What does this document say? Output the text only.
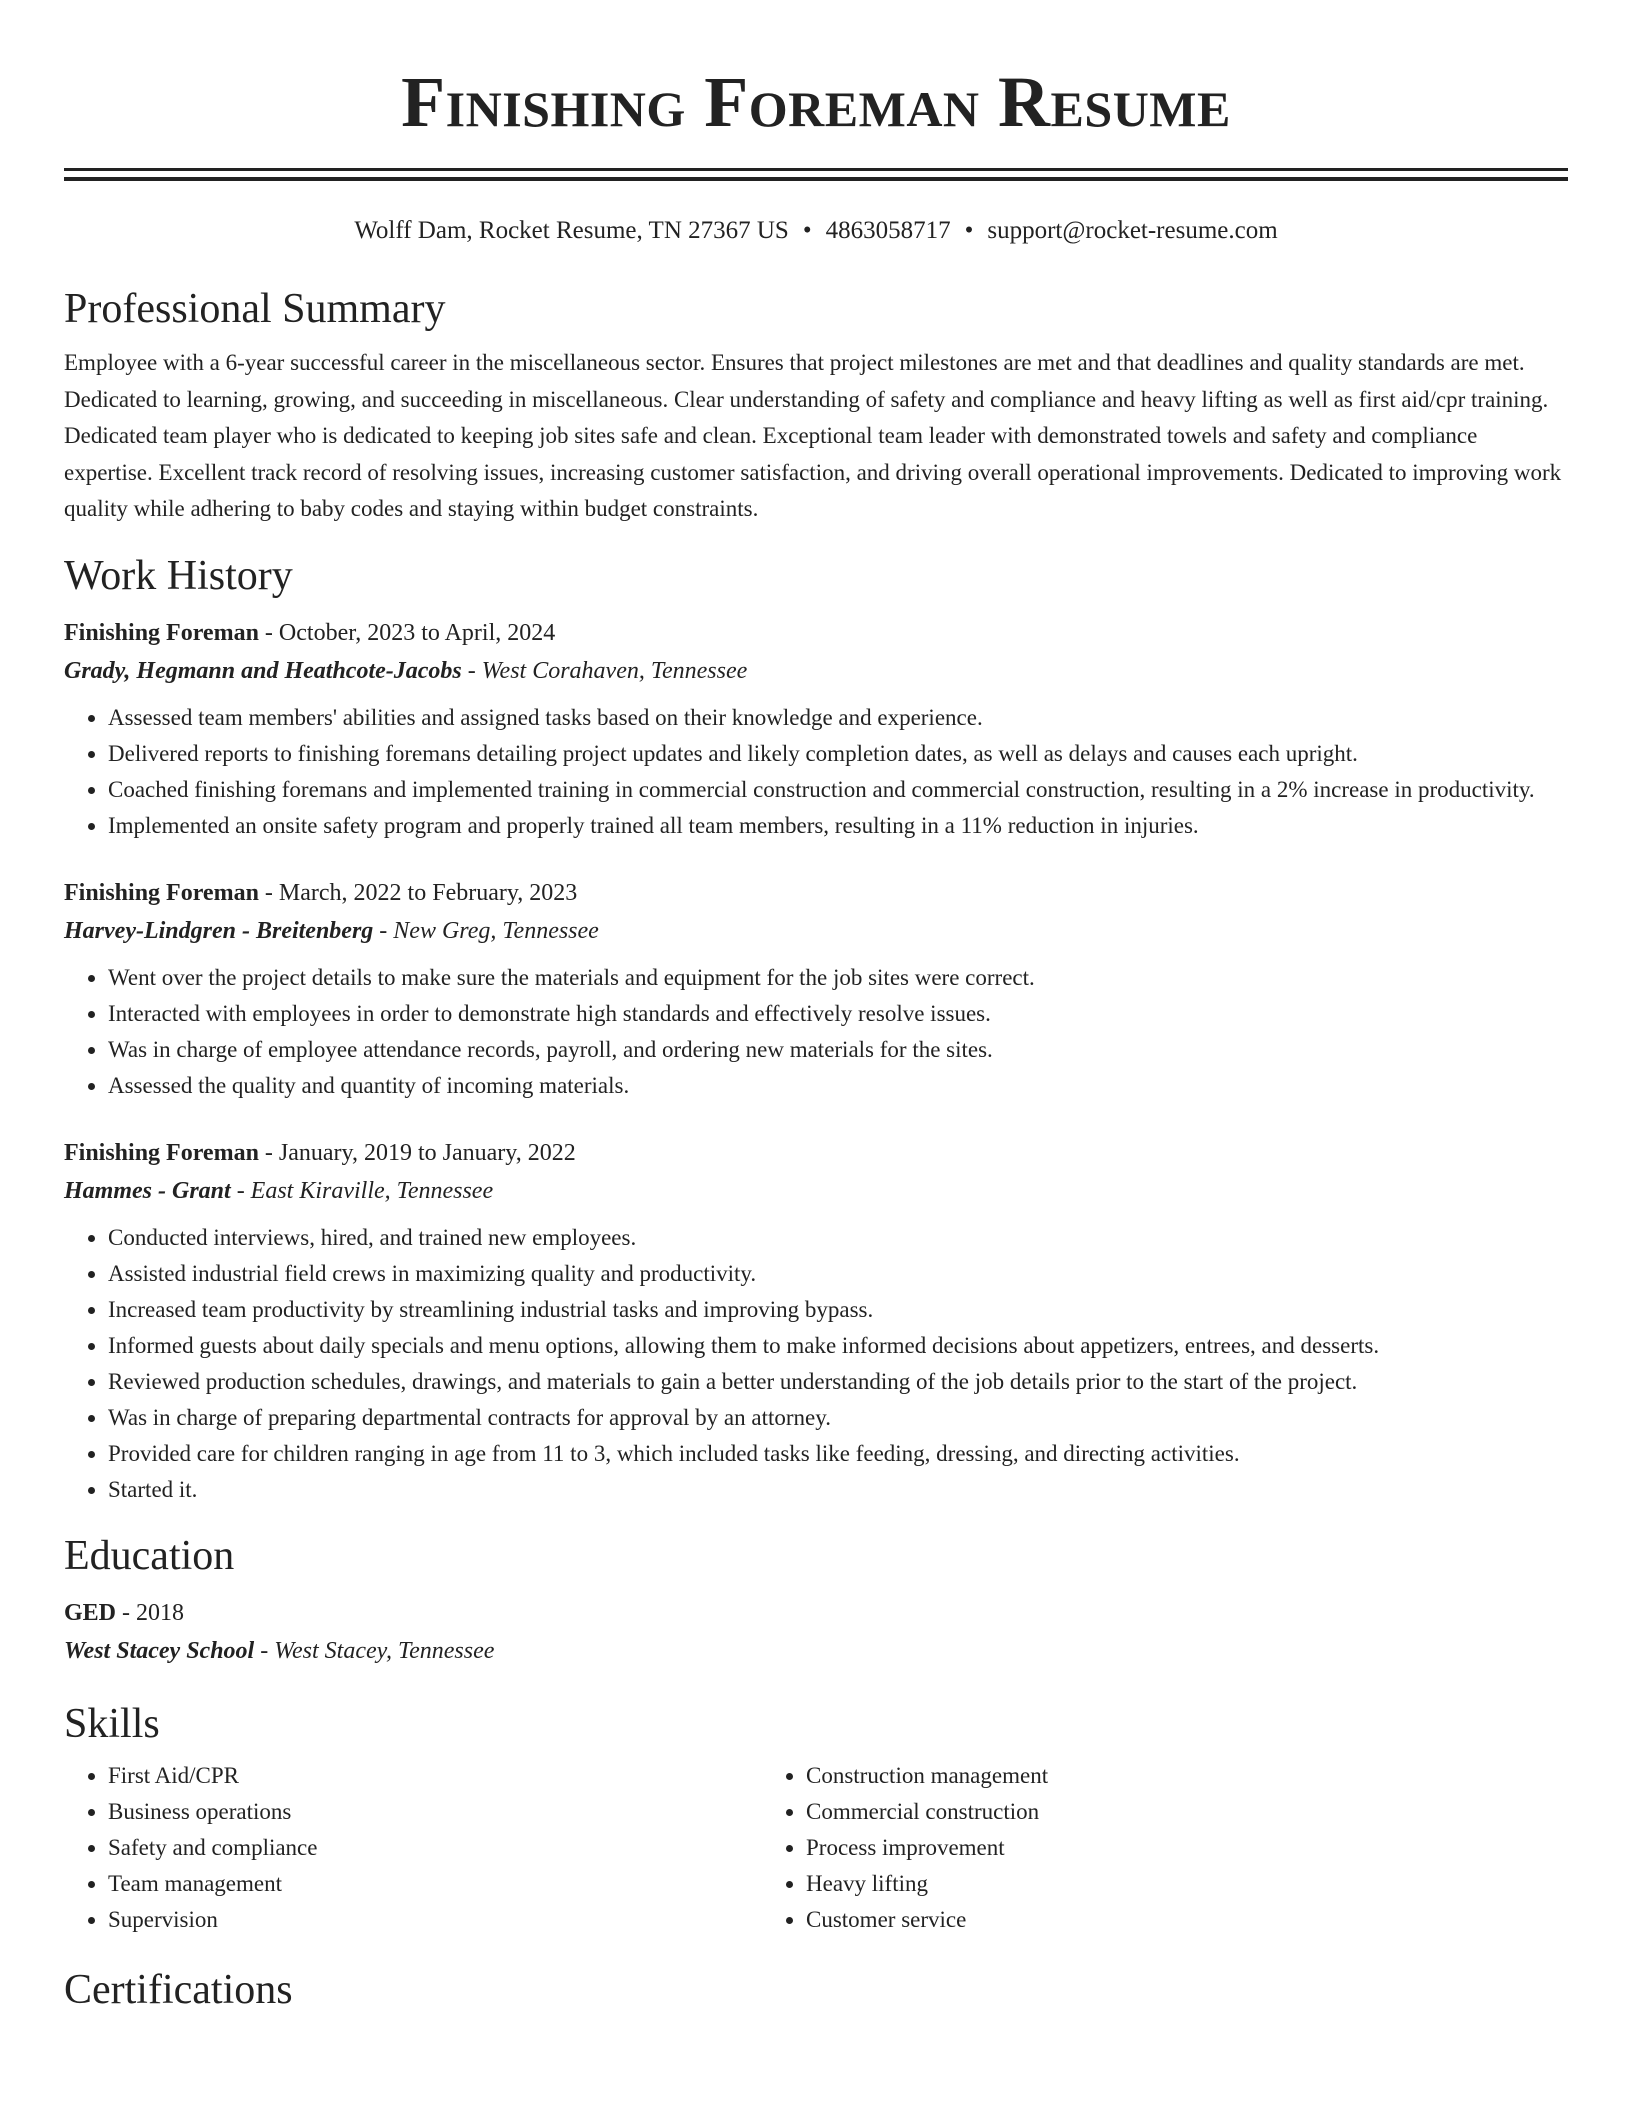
Finishing Foreman Resume
Wolff Dam, Rocket Resume, TN 27367 US • 4863058717 • support@rocket-resume.com
Professional Summary

Employee with a 6-year successful career in the miscellaneous sector. Ensures that project milestones are met and that deadlines and quality standards are met. Dedicated to learning, growing, and succeeding in miscellaneous. Clear understanding of safety and compliance and heavy lifting as well as first aid/cpr training. Dedicated team player who is dedicated to keeping job sites safe and clean. Exceptional team leader with demonstrated towels and safety and compliance expertise. Excellent track record of resolving issues, increasing customer satisfaction, and driving overall operational improvements. Dedicated to improving work quality while adhering to baby codes and staying within budget constraints.

Work History
Finishing Foreman - October, 2023 to April, 2024
Grady, Hegmann and Heathcote-Jacobs - West Corahaven, Tennessee
• Assessed team members' abilities and assigned tasks based on their knowledge and experience.
• Delivered reports to finishing foremans detailing project updates and likely completion dates, as well as delays and causes each upright.
• Coached finishing foremans and implemented training in commercial construction and commercial construction, resulting in a 2% increase in productivity.
• Implemented an onsite safety program and properly trained all team members, resulting in a 11% reduction in injuries.
Finishing Foreman - March, 2022 to February, 2023
Harvey-Lindgren - Breitenberg - New Greg, Tennessee
• Went over the project details to make sure the materials and equipment for the job sites were correct.
• Interacted with employees in order to demonstrate high standards and effectively resolve issues.
• Was in charge of employee attendance records, payroll, and ordering new materials for the sites.
• Assessed the quality and quantity of incoming materials.
Finishing Foreman - January, 2019 to January, 2022
Hammes - Grant - East Kiraville, Tennessee
• Conducted interviews, hired, and trained new employees.
• Assisted industrial field crews in maximizing quality and productivity.
• Increased team productivity by streamlining industrial tasks and improving bypass.
• Informed guests about daily specials and menu options, allowing them to make informed decisions about appetizers, entrees, and desserts.
• Reviewed production schedules, drawings, and materials to gain a better understanding of the job details prior to the start of the project.
• Was in charge of preparing departmental contracts for approval by an attorney.
• Provided care for children ranging in age from 11 to 3, which included tasks like feeding, dressing, and directing activities.
• Started it.
Education
GED - 2018
West Stacey School - West Stacey, Tennessee
Skills
• First Aid/CPR
• Business operations
• Safety and compliance
• Team management
• Supervision
• Construction management
• Commercial construction
• Process improvement
• Heavy lifting
• Customer service
Certifications
